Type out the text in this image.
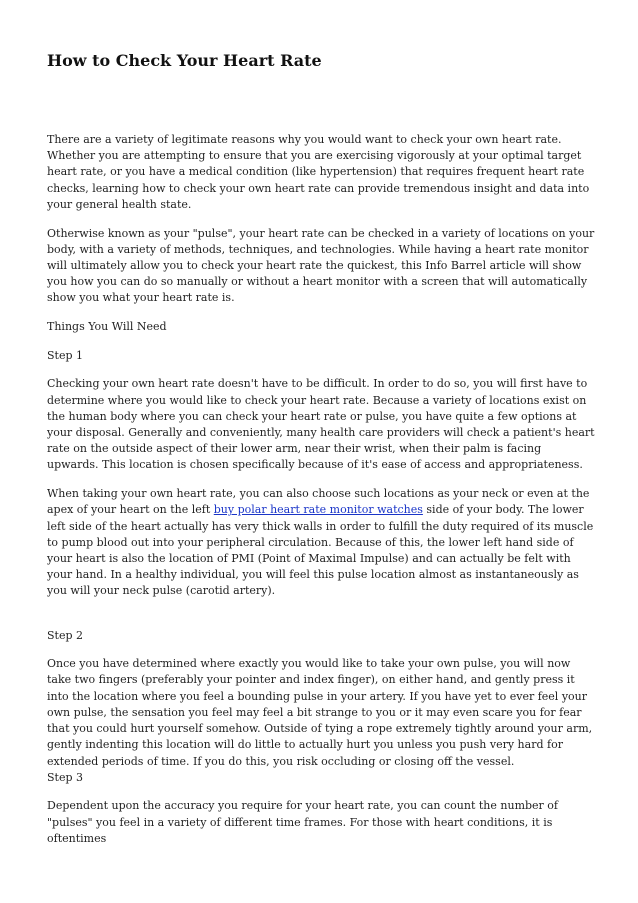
How to Check Your Heart Rate

There are a variety of legitimate reasons why you would want to check your own heart rate. Whether you are attempting to ensure that you are exercising vigorously at your optimal target heart rate, or you have a medical condition (like hypertension) that requires frequent heart rate checks, learning how to check your own heart rate can provide tremendous insight and data into your general health state.

Otherwise known as your "pulse", your heart rate can be checked in a variety of locations on your body, with a variety of methods, techniques, and technologies. While having a heart rate monitor will ultimately allow you to check your heart rate the quickest, this Info Barrel article will show you how you can do so manually or without a heart monitor with a screen that will automatically show you what your heart rate is.

Things You Will Need

Step 1

Checking your own heart rate doesn't have to be difficult. In order to do so, you will first have to determine where you would like to check your heart rate. Because a variety of locations exist on the human body where you can check your heart rate or pulse, you have quite a few options at your disposal. Generally and conveniently, many health care providers will check a patient's heart rate on the outside aspect of their lower arm, near their wrist, when their palm is facing upwards. This location is chosen specifically because of it's ease of access and appropriateness.

When taking your own heart rate, you can also choose such locations as your neck or even at the apex of your heart on the left buy polar heart rate monitor watches side of your body. The lower left side of the heart actually has very thick walls in order to fulfill the duty required of its muscle to pump blood out into your peripheral circulation. Because of this, the lower left hand side of your heart is also the location of PMI (Point of Maximal Impulse) and can actually be felt with your hand. In a healthy individual, you will feel this pulse location almost as instantaneously as you will your neck pulse (carotid artery).

Step 2

Once you have determined where exactly you would like to take your own pulse, you will now take two fingers (preferably your pointer and index finger), on either hand, and gently press it into the location where you feel a bounding pulse in your artery. If you have yet to ever feel your own pulse, the sensation you feel may feel a bit strange to you or it may even scare you for fear that you could hurt yourself somehow. Outside of tying a rope extremely tightly around your arm, gently indenting this location will do little to actually hurt you unless you push very hard for extended periods of time. If you do this, you risk occluding or closing off the vessel.

Step 3

Dependent upon the accuracy you require for your heart rate, you can count the number of "pulses" you feel in a variety of different time frames. For those with heart conditions, it is oftentimes
